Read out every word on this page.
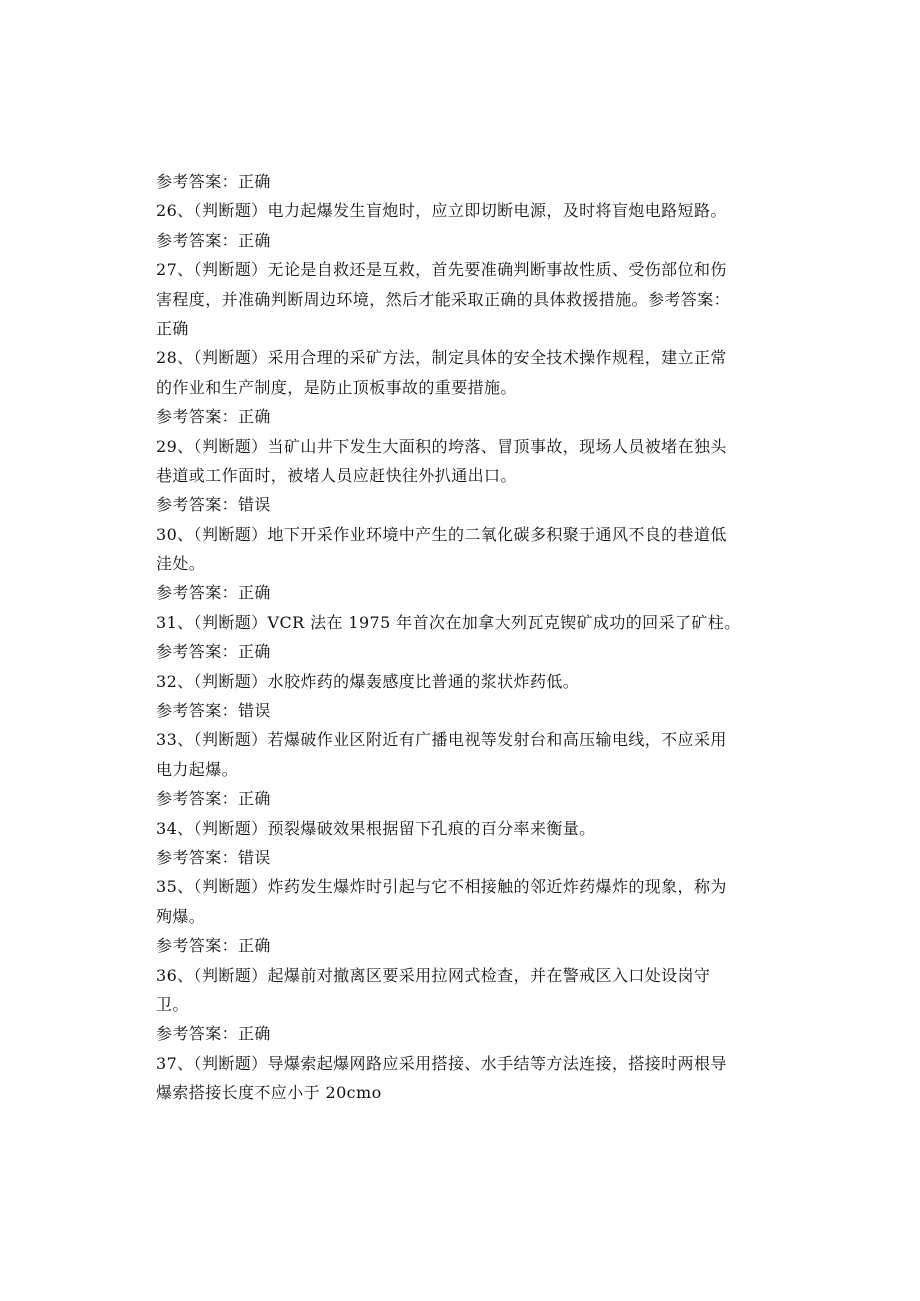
参考答案：正确
26、（判断题）电力起爆发生盲炮时，应立即切断电源，及时将盲炮电路短路。
参考答案：正确
27、（判断题）无论是自救还是互救，首先要准确判断事故性质、受伤部位和伤
害程度，并准确判断周边环境，然后才能采取正确的具体救援措施。参考答案：
正确
28、（判断题）采用合理的采矿方法，制定具体的安全技术操作规程，建立正常
的作业和生产制度，是防止顶板事故的重要措施。
参考答案：正确
29、（判断题）当矿山井下发生大面积的垮落、冒顶事故，现场人员被堵在独头
巷道或工作面时，被堵人员应赶快往外扒通出口。
参考答案：错误
30、（判断题）地下开采作业环境中产生的二氧化碳多积聚于通风不良的巷道低
洼处。
参考答案：正确
31、（判断题）VCR 法在 1975 年首次在加拿大列瓦克锲矿成功的回采了矿柱。
参考答案：正确
32、（判断题）水胶炸药的爆轰感度比普通的浆状炸药低。
参考答案：错误
33、（判断题）若爆破作业区附近有广播电视等发射台和高压输电线，不应采用
电力起爆。
参考答案：正确
34、（判断题）预裂爆破效果根据留下孔痕的百分率来衡量。
参考答案：错误
35、（判断题）炸药发生爆炸时引起与它不相接触的邻近炸药爆炸的现象，称为
殉爆。
参考答案：正确
36、（判断题）起爆前对撤离区要采用拉网式检查，并在警戒区入口处设岗守
卫。
参考答案：正确
37、（判断题）导爆索起爆网路应采用搭接、水手结等方法连接，搭接时两根导
爆索搭接长度不应小于 20cmo
